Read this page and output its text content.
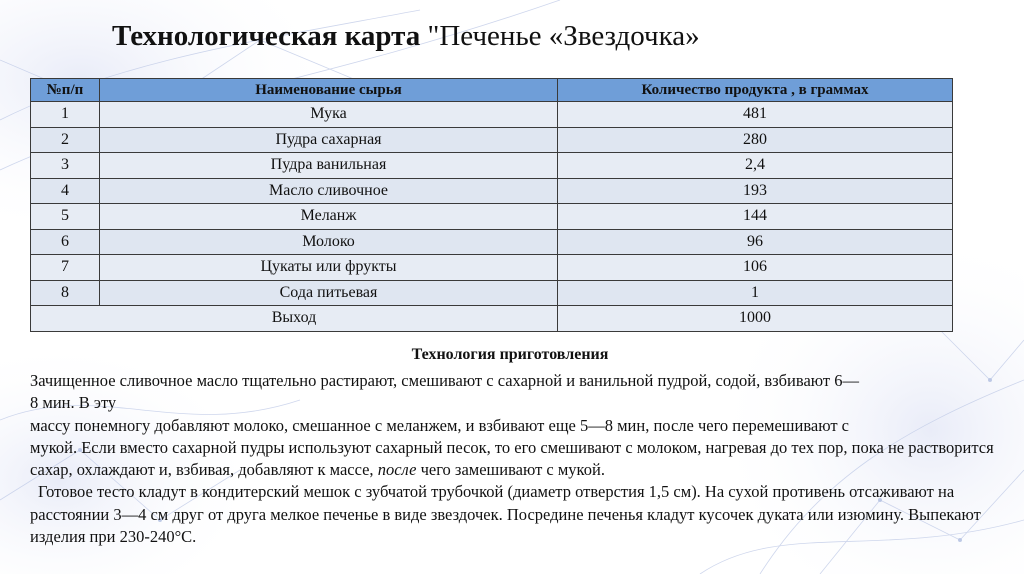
Технологическая карта "Печенье «Звездочка»
№п/п	Наименование сырья	Количество продукта , в граммах
1	Мука	481
2	Пудра сахарная	280
3	Пудра ванильная	2,4
4	Масло сливочное	193
5	Меланж	144
6	Молоко	96
7	Цукаты или фрукты	106
8	Сода питьевая	1
Выход		1000
Технология приготовления

Зачищенное сливочное масло тщательно растирают, смешивают с сахарной и ванильной пудрой, содой, взбивают 6—

8 мин. В эту

массу понемногу добавляют молоко, смешанное с меланжем, и взбивают еще 5—8 мин, после чего перемешивают с

мукой. Если вместо сахарной пудры используют сахарный песок, то его смешивают с молоком, нагревая до тех пор, пока не растворится сахар, охлаждают и, взбивая, добавляют к массе, после чего замешивают с мукой.

Готовое тесто кладут в кондитерский мешок с зубчатой трубочкой (диаметр отверстия 1,5 см). На сухой противень отсаживают на расстоянии 3—4 см друг от друга мелкое печенье в виде звездочек. Посредине печенья кладут кусочек дуката или изюмину. Выпекают изделия при 230-240°С.
